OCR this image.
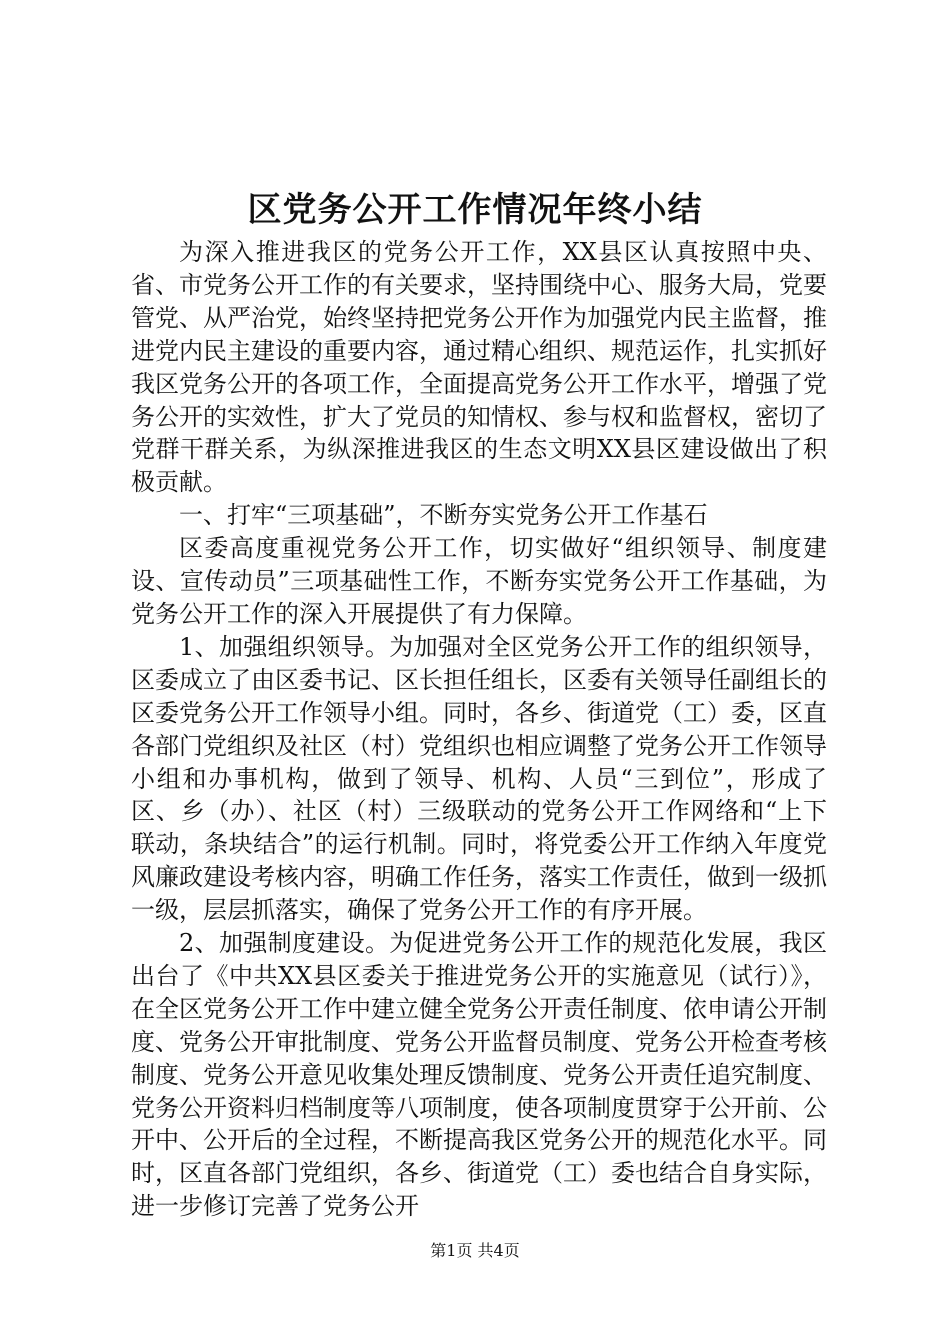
区党务公开工作情况年终小结

为深入推进我区的党务公开工作，XX县区认真按照中央、省、市党务公开工作的有关要求，坚持围绕中心、服务大局，党要管党、从严治党，始终坚持把党务公开作为加强党内民主监督，推进党内民主建设的重要内容，通过精心组织、规范运作，扎实抓好我区党务公开的各项工作，全面提高党务公开工作水平，增强了党务公开的实效性，扩大了党员的知情权、参与权和监督权，密切了党群干群关系，为纵深推进我区的生态文明XX县区建设做出了积极贡献。

一、打牢“三项基础”，不断夯实党务公开工作基石

区委高度重视党务公开工作，切实做好“组织领导、制度建设、宣传动员”三项基础性工作，不断夯实党务公开工作基础，为党务公开工作的深入开展提供了有力保障。

1、加强组织领导。为加强对全区党务公开工作的组织领导，区委成立了由区委书记、区长担任组长，区委有关领导任副组长的区委党务公开工作领导小组。同时，各乡、街道党（工）委，区直各部门党组织及社区（村）党组织也相应调整了党务公开工作领导小组和办事机构，做到了领导、机构、人员“三到位”，形成了区、乡（办）、社区（村）三级联动的党务公开工作网络和“上下联动，条块结合”的运行机制。同时，将党委公开工作纳入年度党风廉政建设考核内容，明确工作任务，落实工作责任，做到一级抓一级，层层抓落实，确保了党务公开工作的有序开展。

2、加强制度建设。为促进党务公开工作的规范化发展，我区出台了《中共XX县区委关于推进党务公开的实施意见（试行）》，在全区党务公开工作中建立健全党务公开责任制度、依申请公开制度、党务公开审批制度、党务公开监督员制度、党务公开检查考核制度、党务公开意见收集处理反馈制度、党务公开责任追究制度、党务公开资料归档制度等八项制度，使各项制度贯穿于公开前、公开中、公开后的全过程，不断提高我区党务公开的规范化水平。同时，区直各部门党组织，各乡、街道党（工）委也结合自身实际，进一步修订完善了党务公开

第1页 共4页
